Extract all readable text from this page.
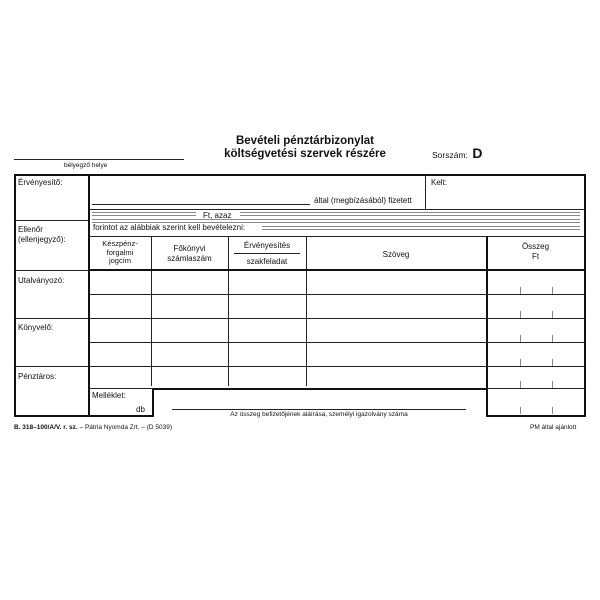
Bevételi pénztárbizonylat
költségvetési szervek részére
bélyegző helye
Sorszám: D
Érvényesítő:
Ellenőr
(ellenjegyző):
Utalványozó:
Könyvelő:
Pénztáros:
Kelt:
által (megbízásából) fizetett
Ft, azaz
forintot az alábbiak szerint kell bevételezni:
Készpénz-
forgalmi
jogcím
Főkönyvi
számlaszám
Érvényesítés
szakfeladat
Szöveg
Összeg
Ft
Melléklet:
db
Az összeg befizetőjének aláírása, személyi igazolvány száma
B. 318–100/A/V. r. sz. – Pátria Nyomda Zrt. – (D 5039)	PM által ajánlott
